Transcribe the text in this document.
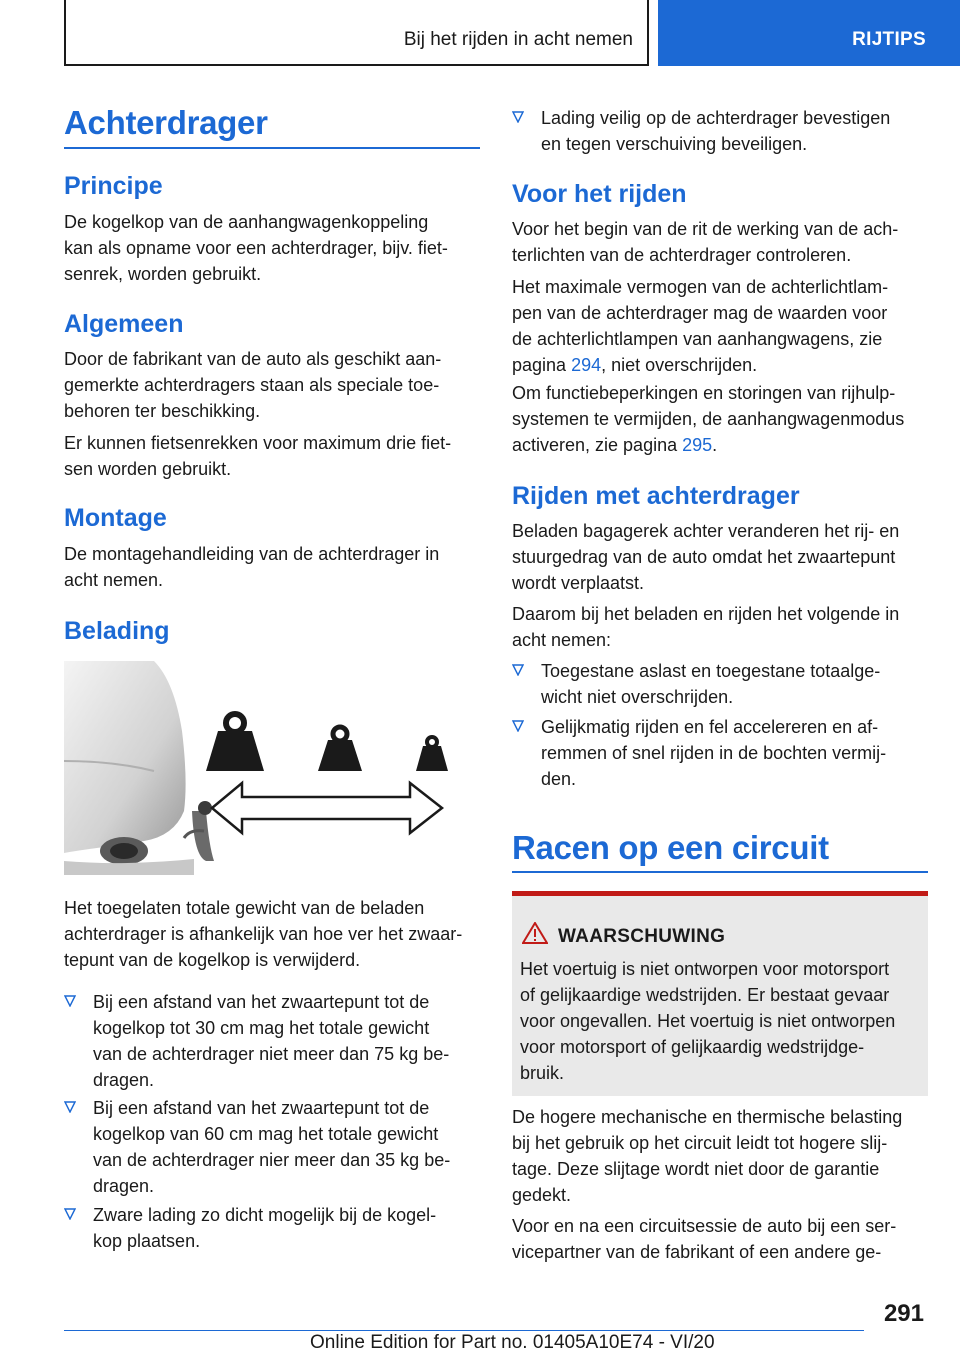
Bij het rijden in acht nemen	RIJTIPS
Achterdrager
Principe

De kogelkop van de aanhangwagenkoppeling
kan als opname voor een achterdrager, bijv. fiet‐
senrek, worden gebruikt.

Algemeen

Door de fabrikant van de auto als geschikt aan‐
gemerkte achterdragers staan als speciale toe‐
behoren ter beschikking.

Er kunnen fietsenrekken voor maximum drie fiet‐
sen worden gebruikt.

Montage

De montagehandleiding van de achterdrager in
acht nemen.

Belading

Het toegelaten totale gewicht van de beladen
achterdrager is afhankelijk van hoe ver het zwaar‐
tepunt van de kogelkop is verwijderd.

Bij een afstand van het zwaartepunt tot de
kogelkop tot 30 cm mag het totale gewicht
van de achterdrager niet meer dan 75 kg be‐
dragen.
Bij een afstand van het zwaartepunt tot de
kogelkop van 60 cm mag het totale gewicht
van de achterdrager nier meer dan 35 kg be‐
dragen.
Zware lading zo dicht mogelijk bij de kogel‐
kop plaatsen.
Lading veilig op de achterdrager bevestigen
en tegen verschuiving beveiligen.
Voor het rijden

Voor het begin van de rit de werking van de ach‐
terlichten van de achterdrager controleren.

Het maximale vermogen van de achterlichtlam‐
pen van de achterdrager mag de waarden voor
de achterlichtlampen van aanhangwagens, zie
pagina 294, niet overschrijden.

Om functiebeperkingen en storingen van rijhulp‐
systemen te vermijden, de aanhangwagenmodus
activeren, zie pagina 295.

Rijden met achterdrager

Beladen bagagerek achter veranderen het rij- en
stuurgedrag van de auto omdat het zwaartepunt
wordt verplaatst.

Daarom bij het beladen en rijden het volgende in
acht nemen:

Toegestane aslast en toegestane totaalge‐
wicht niet overschrijden.
Gelijkmatig rijden en fel accelereren en af‐
remmen of snel rijden in de bochten vermij‐
den.
Racen op een circuit
WAARSCHUWING
Het voertuig is niet ontworpen voor motorsport
of gelijkaardige wedstrijden. Er bestaat gevaar
voor ongevallen. Het voertuig is niet ontworpen
voor motorsport of gelijkaardig wedstrijdge‐
bruik.

De hogere mechanische en thermische belasting
bij het gebruik op het circuit leidt tot hogere slij‐
tage. Deze slijtage wordt niet door de garantie
gedekt.

Voor en na een circuitsessie de auto bij een ser‐
vicepartner van de fabrikant of een andere ge‐

291
Online Edition for Part no. 01405A10E74 - VI/20
